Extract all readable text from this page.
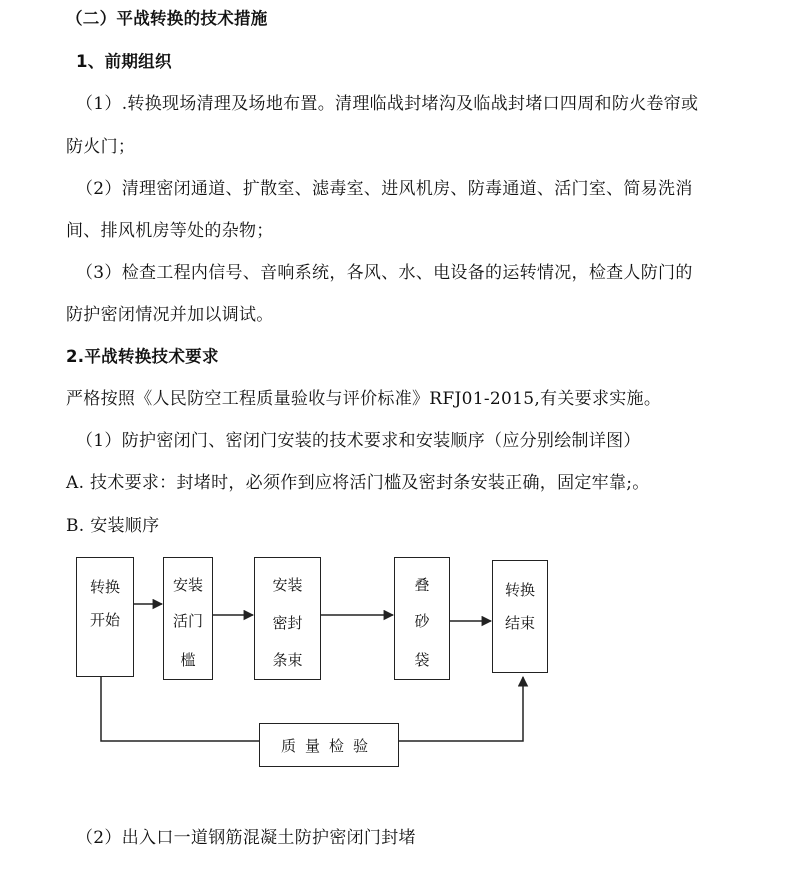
（二）平战转换的技术措施
1、前期组织
（1）.转换现场清理及场地布置。清理临战封堵沟及临战封堵口四周和防火卷帘或
防火门；
（2）清理密闭通道、扩散室、滤毒室、进风机房、防毒通道、活门室、简易洗消
间、排风机房等处的杂物；
（3）检查工程内信号、音响系统，各风、水、电设备的运转情况，检查人防门的
防护密闭情况并加以调试。
2.平战转换技术要求
严格按照《人民防空工程质量验收与评价标准》RFJ01-2015,有关要求实施。
（1）防护密闭门、密闭门安装的技术要求和安装顺序（应分别绘制详图）
A. 技术要求：封堵时，必须作到应将活门槛及密封条安装正确，固定牢靠;。
B. 安装顺序
转换
开始
安装
活门
槛
安装
密封
条束
叠
砂
袋
转换
结束
质量检验
（2）出入口一道钢筋混凝土防护密闭门封堵
